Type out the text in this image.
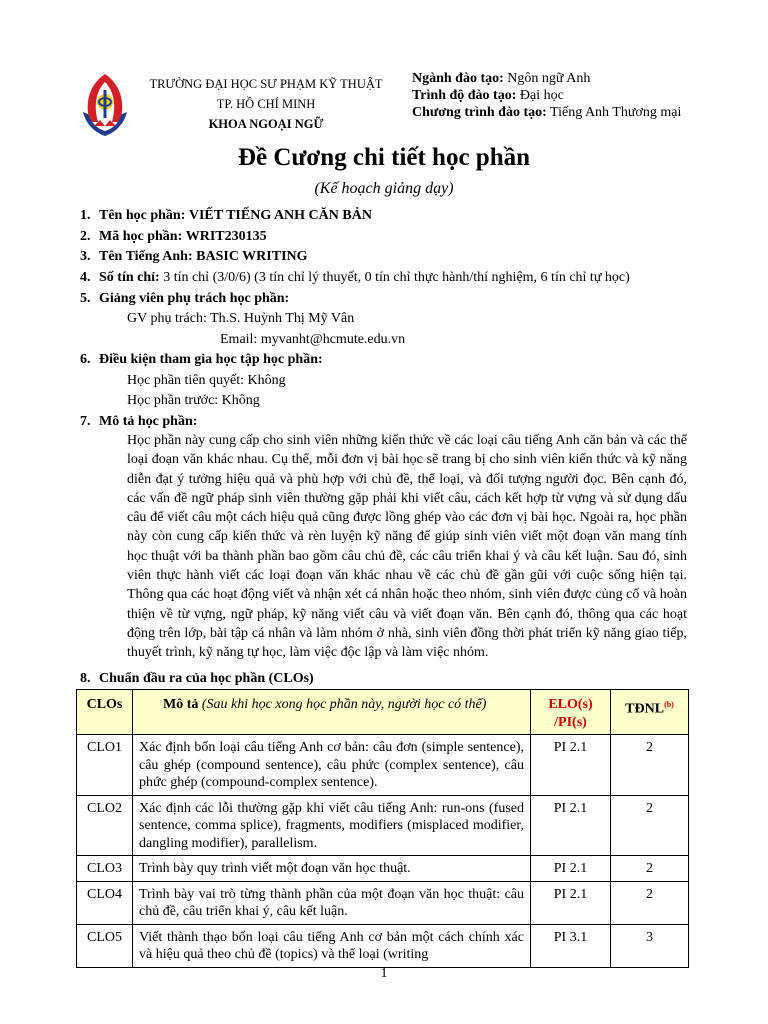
TRƯỜNG ĐẠI HỌC SƯ PHẠM KỸ THUẬT
TP. HỒ CHÍ MINH
KHOA NGOẠI NGỮ
Ngành đào tạo: Ngôn ngữ Anh
Trình độ đào tạo: Đại học
Chương trình đào tạo: Tiếng Anh Thương mại
Đề Cương chi tiết học phần
(Kế hoạch giảng dạy)
1. Tên học phần: VIẾT TIẾNG ANH CĂN BẢN
2. Mã học phần: WRIT230135
3. Tên Tiếng Anh: BASIC WRITING
4. Số tín chỉ: 3 tín chỉ (3/0/6) (3 tín chỉ lý thuyết, 0 tín chỉ thực hành/thí nghiệm, 6 tín chỉ tự học)
5. Giảng viên phụ trách học phần:
GV phụ trách: Th.S. Huỳnh Thị Mỹ Vân
Email: myvanht@hcmute.edu.vn
6. Điều kiện tham gia học tập học phần:
Học phần tiên quyết: Không
Học phần trước: Không
7. Mô tả học phần:
Học phần này cung cấp cho sinh viên những kiến thức về các loại câu tiếng Anh căn bản và các thể loại đoạn văn khác nhau. Cụ thể, mỗi đơn vị bài học sẽ trang bị cho sinh viên kiến thức và kỹ năng diễn đạt ý tưởng hiệu quả và phù hợp với chủ đề, thể loại, và đối tượng người đọc. Bên cạnh đó, các vấn đề ngữ pháp sinh viên thường gặp phải khi viết câu, cách kết hợp từ vựng và sử dụng dấu câu để viết câu một cách hiệu quả cũng được lồng ghép vào các đơn vị bài học. Ngoài ra, học phần này còn cung cấp kiến thức và rèn luyện kỹ năng để giúp sinh viên viết một đoạn văn mang tính học thuật với ba thành phần bao gồm câu chủ đề, các câu triển khai ý và câu kết luận. Sau đó, sinh viên thực hành viết các loại đoạn văn khác nhau về các chủ đề gần gũi với cuộc sống hiện tại. Thông qua các hoạt động viết và nhận xét cá nhân hoặc theo nhóm, sinh viên được củng cố và hoàn thiện về từ vựng, ngữ pháp, kỹ năng viết câu và viết đoạn văn. Bên cạnh đó, thông qua các hoạt động trên lớp, bài tập cá nhân và làm nhóm ở nhà, sinh viên đồng thời phát triển kỹ năng giao tiếp, thuyết trình, kỹ năng tự học, làm việc độc lập và làm việc nhóm.
8. Chuẩn đầu ra của học phần (CLOs)
CLOs	Mô tả (Sau khi học xong học phần này, người học có thể)	ELO(s) /PI(s)	TĐNL$^{(b)}$
CLO1	Xác định bốn loại câu tiếng Anh cơ bản: câu đơn (simple sentence), câu ghép (compound sentence), câu phức (complex sentence), câu phức ghép (compound-complex sentence).	PI 2.1	2
CLO2	Xác định các lỗi thường gặp khi viết câu tiếng Anh: run-ons (fused sentence, comma splice), fragments, modifiers (misplaced modifier, dangling modifier), parallelism.	PI 2.1	2
CLO3	Trình bày quy trình viết một đoạn văn học thuật.	PI 2.1	2
CLO4	Trình bày vai trò từng thành phần của một đoạn văn học thuật: câu chủ đề, câu triển khai ý, câu kết luận.	PI 2.1	2
CLO5	Viết thành thạo bốn loại câu tiếng Anh cơ bản một cách chính xác và hiệu quả theo chủ đề (topics) và thể loại (writing	PI 3.1	3
1
